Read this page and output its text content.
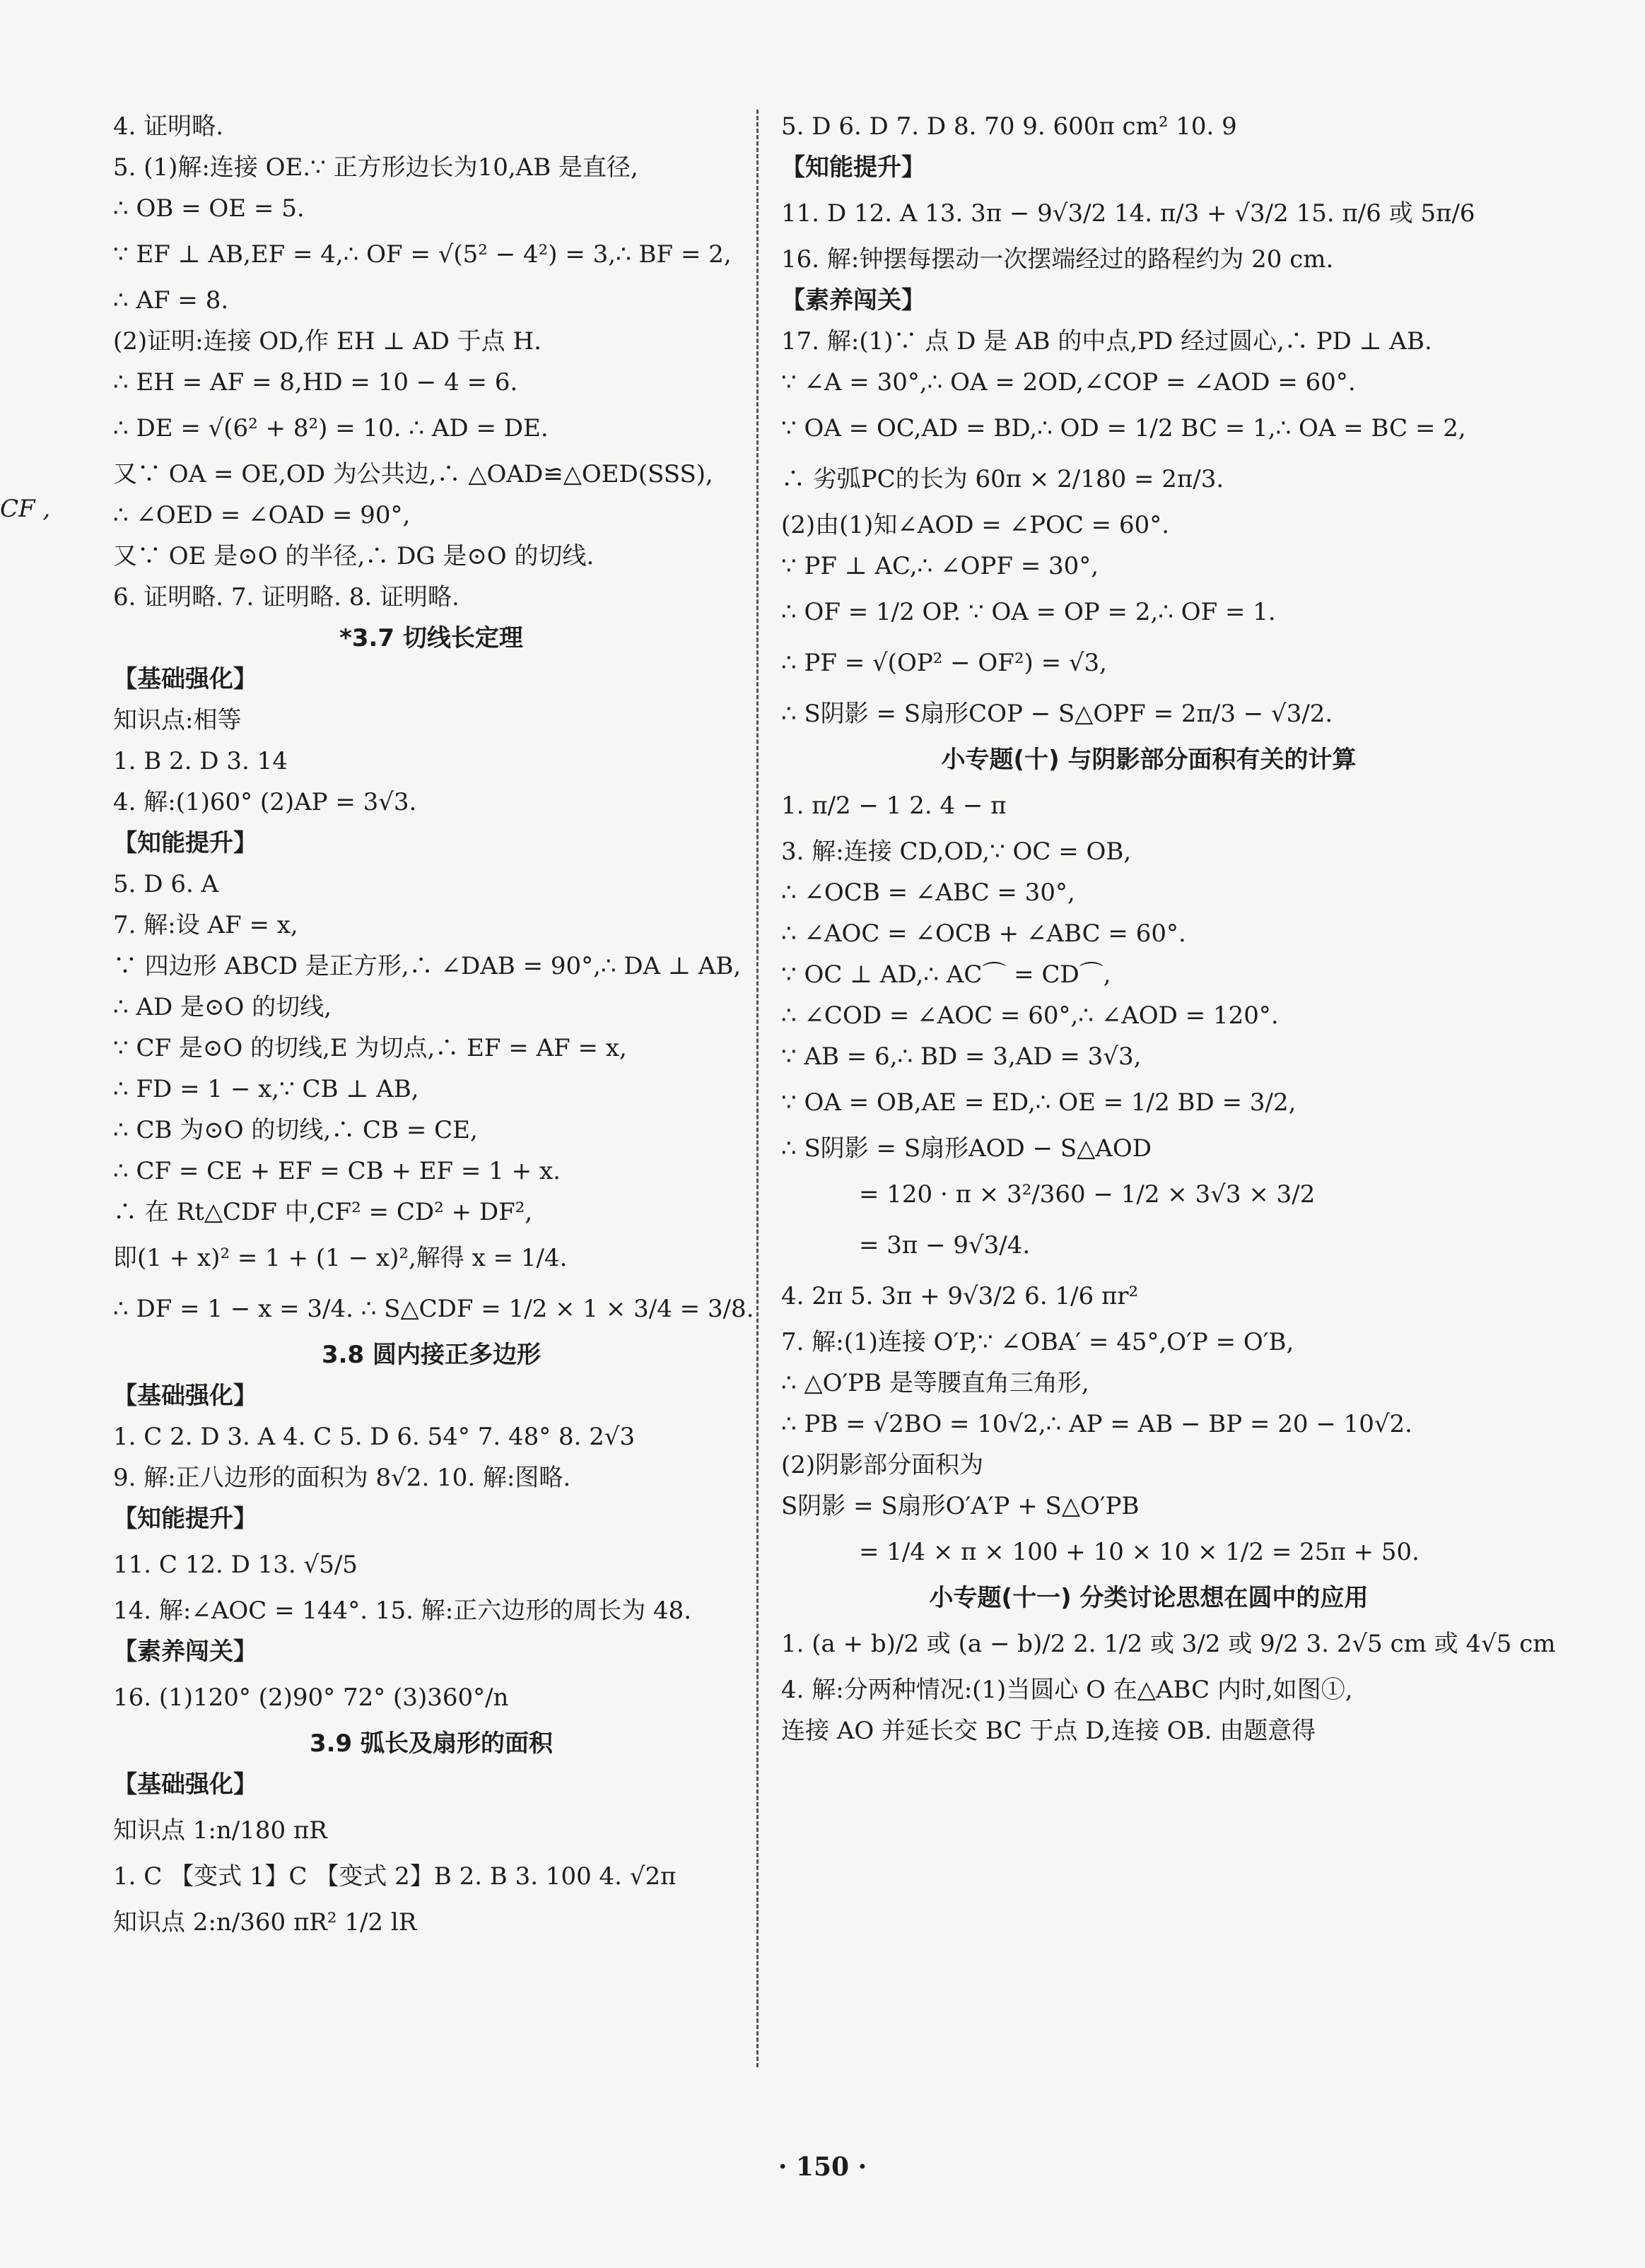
CF ,
4. 证明略.
5. (1)解:连接 OE.∵ 正方形边长为10,AB 是直径,
∴ OB = OE = 5.
∵ EF ⊥ AB,EF = 4,∴ OF = √(5² − 4²) = 3,∴ BF = 2,
∴ AF = 8.
(2)证明:连接 OD,作 EH ⊥ AD 于点 H.
∴ EH = AF = 8,HD = 10 − 4 = 6.
∴ DE = √(6² + 8²) = 10. ∴ AD = DE.
又∵ OA = OE,OD 为公共边,∴ △OAD≌△OED(SSS),
∴ ∠OED = ∠OAD = 90°,
又∵ OE 是⊙O 的半径,∴ DG 是⊙O 的切线.
6. 证明略. 7. 证明略. 8. 证明略.
*3.7 切线长定理
【基础强化】
知识点:相等
1. B 2. D 3. 14
4. 解:(1)60° (2)AP = 3√3.
【知能提升】
5. D 6. A
7. 解:设 AF = x,
∵ 四边形 ABCD 是正方形,∴ ∠DAB = 90°,∴ DA ⊥ AB,
∴ AD 是⊙O 的切线,
∵ CF 是⊙O 的切线,E 为切点,∴ EF = AF = x,
∴ FD = 1 − x,∵ CB ⊥ AB,
∴ CB 为⊙O 的切线,∴ CB = CE,
∴ CF = CE + EF = CB + EF = 1 + x.
∴ 在 Rt△CDF 中,CF² = CD² + DF²,
即(1 + x)² = 1 + (1 − x)²,解得 x = 1/4.
∴ DF = 1 − x = 3/4. ∴ S△CDF = 1/2 × 1 × 3/4 = 3/8.
3.8 圆内接正多边形
【基础强化】
1. C 2. D 3. A 4. C 5. D 6. 54° 7. 48° 8. 2√3
9. 解:正八边形的面积为 8√2. 10. 解:图略.
【知能提升】
11. C 12. D 13. √5/5
14. 解:∠AOC = 144°. 15. 解:正六边形的周长为 48.
【素养闯关】
16. (1)120° (2)90° 72° (3)360°/n
3.9 弧长及扇形的面积
【基础强化】
知识点 1:n/180 πR
1. C 【变式 1】C 【变式 2】B 2. B 3. 100 4. √2π
知识点 2:n/360 πR² 1/2 lR
5. D 6. D 7. D 8. 70 9. 600π cm² 10. 9
【知能提升】
11. D 12. A 13. 3π − 9√3/2 14. π/3 + √3/2 15. π/6 或 5π/6
16. 解:钟摆每摆动一次摆端经过的路程约为 20 cm.
【素养闯关】
17. 解:(1)∵ 点 D 是 AB 的中点,PD 经过圆心,∴ PD ⊥ AB.
∵ ∠A = 30°,∴ OA = 2OD,∠COP = ∠AOD = 60°.
∵ OA = OC,AD = BD,∴ OD = 1/2 BC = 1,∴ OA = BC = 2,
∴ 劣弧PC的长为 60π × 2/180 = 2π/3.
(2)由(1)知∠AOD = ∠POC = 60°.
∵ PF ⊥ AC,∴ ∠OPF = 30°,
∴ OF = 1/2 OP. ∵ OA = OP = 2,∴ OF = 1.
∴ PF = √(OP² − OF²) = √3,
∴ S阴影 = S扇形COP − S△OPF = 2π/3 − √3/2.
小专题(十) 与阴影部分面积有关的计算
1. π/2 − 1 2. 4 − π
3. 解:连接 CD,OD,∵ OC = OB,
∴ ∠OCB = ∠ABC = 30°,
∴ ∠AOC = ∠OCB + ∠ABC = 60°.
∵ OC ⊥ AD,∴ AC⌒ = CD⌒,
∴ ∠COD = ∠AOC = 60°,∴ ∠AOD = 120°.
∵ AB = 6,∴ BD = 3,AD = 3√3,
∵ OA = OB,AE = ED,∴ OE = 1/2 BD = 3/2,
∴ S阴影 = S扇形AOD − S△AOD
= 120 · π × 3²/360 − 1/2 × 3√3 × 3/2
= 3π − 9√3/4.
4. 2π 5. 3π + 9√3/2 6. 1/6 πr²
7. 解:(1)连接 O′P,∵ ∠OBA′ = 45°,O′P = O′B,
∴ △O′PB 是等腰直角三角形,
∴ PB = √2BO = 10√2,∴ AP = AB − BP = 20 − 10√2.
(2)阴影部分面积为
S阴影 = S扇形O′A′P + S△O′PB
= 1/4 × π × 100 + 10 × 10 × 1/2 = 25π + 50.
小专题(十一) 分类讨论思想在圆中的应用
1. (a + b)/2 或 (a − b)/2 2. 1/2 或 3/2 或 9/2 3. 2√5 cm 或 4√5 cm
4. 解:分两种情况:(1)当圆心 O 在△ABC 内时,如图①,
连接 AO 并延长交 BC 于点 D,连接 OB. 由题意得
· 150 ·
